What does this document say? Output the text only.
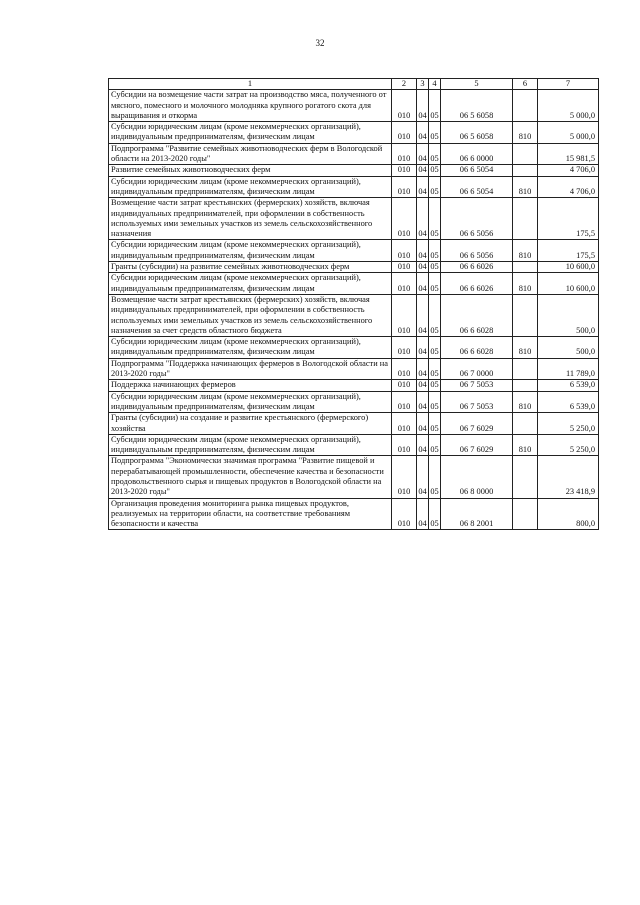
32
1	2	3	4	5	6	7
Субсидии на возмещение части затрат на производство мяса, полученного от мясного, помесного и молочного молодняка крупного рогатого скота для выращивания и откорма	010	04	05	06 5 6058		5 000,0
Субсидии юридическим лицам (кроме некоммерческих организаций), индивидуальным предпринимателям, физическим лицам	010	04	05	06 5 6058	810	5 000,0
Подпрограмма "Развитие семейных животноводческих ферм в Вологодской области на 2013-2020 годы"	010	04	05	06 6 0000		15 981,5
Развитие семейных животноводческих ферм	010	04	05	06 6 5054		4 706,0
Субсидии юридическим лицам (кроме некоммерческих организаций), индивидуальным предпринимателям, физическим лицам	010	04	05	06 6 5054	810	4 706,0
Возмещение части затрат крестьянских (фермерских) хозяйств, включая индивидуальных предпринимателей, при оформлении в собственность используемых ими земельных участков из земель сельскохозяйственного назначения	010	04	05	06 6 5056		175,5
Субсидии юридическим лицам (кроме некоммерческих организаций), индивидуальным предпринимателям, физическим лицам	010	04	05	06 6 5056	810	175,5
Гранты (субсидии) на развитие семейных животноводческих ферм	010	04	05	06 6 6026		10 600,0
Субсидии юридическим лицам (кроме некоммерческих организаций), индивидуальным предпринимателям, физическим лицам	010	04	05	06 6 6026	810	10 600,0
Возмещение части затрат крестьянских (фермерских) хозяйств, включая индивидуальных предпринимателей, при оформлении в собственность используемых ими земельных участков из земель сельскохозяйственного назначения за счет средств областного бюджета	010	04	05	06 6 6028		500,0
Субсидии юридическим лицам (кроме некоммерческих организаций), индивидуальным предпринимателям, физическим лицам	010	04	05	06 6 6028	810	500,0
Подпрограмма "Поддержка начинающих фермеров в Вологодской области на 2013-2020 годы"	010	04	05	06 7 0000		11 789,0
Поддержка начинающих фермеров	010	04	05	06 7 5053		6 539,0
Субсидии юридическим лицам (кроме некоммерческих организаций), индивидуальным предпринимателям, физическим лицам	010	04	05	06 7 5053	810	6 539,0
Гранты (субсидии) на создание и развитие крестьянского (фермерского) хозяйства	010	04	05	06 7 6029		5 250,0
Субсидии юридическим лицам (кроме некоммерческих организаций), индивидуальным предпринимателям, физическим лицам	010	04	05	06 7 6029	810	5 250,0
Подпрограмма "Экономически значимая программа "Развитие пищевой и перерабатывающей промышленности, обеспечение качества и безопасности продовольственного сырья и пищевых продуктов в Вологодской области на 2013-2020 годы"	010	04	05	06 8 0000		23 418,9
Организация проведения мониторинга рынка пищевых продуктов, реализуемых на территории области, на соответствие требованиям безопасности и качества	010	04	05	06 8 2001		800,0
